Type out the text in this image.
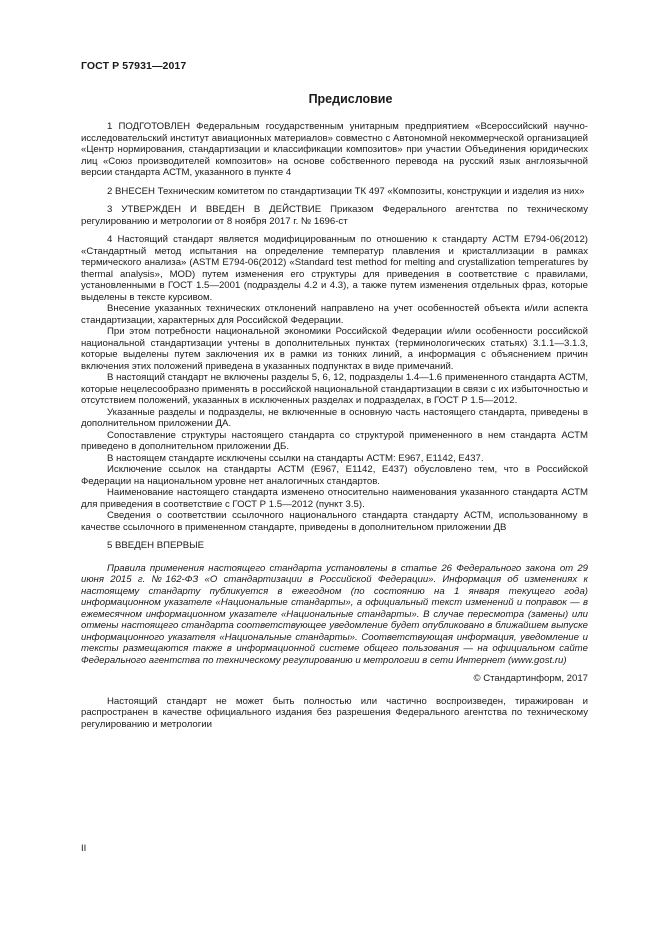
ГОСТ Р 57931—2017
Предисловие

1 ПОДГОТОВЛЕН Федеральным государственным унитарным предприятием «Всероссийский научно-исследовательский институт авиационных материалов» совместно с Автономной некоммерческой организацией «Центр нормирования, стандартизации и классификации композитов» при участии Объединения юридических лиц «Союз производителей композитов» на основе собственного перевода на русский язык англоязычной версии стандарта АСТМ, указанного в пункте 4

2 ВНЕСЕН Техническим комитетом по стандартизации ТК 497 «Композиты, конструкции и изделия из них»

3 УТВЕРЖДЕН И ВВЕДЕН В ДЕЙСТВИЕ Приказом Федерального агентства по техническому регулированию и метрологии от 8 ноября 2017 г. № 1696-ст

4 Настоящий стандарт является модифицированным по отношению к стандарту АСТМ Е794-06(2012) «Стандартный метод испытания на определение температур плавления и кристаллизации в рамках термического анализа» (ASTM E794-06(2012) «Standard test method for melting and crystallization temperatures by thermal analysis», MOD) путем изменения его структуры для приведения в соответствие с правилами, установленными в ГОСТ 1.5—2001 (подразделы 4.2 и 4.3), а также путем изменения отдельных фраз, которые выделены в тексте курсивом.

Внесение указанных технических отклонений направлено на учет особенностей объекта и/или аспекта стандартизации, характерных для Российской Федерации.

При этом потребности национальной экономики Российской Федерации и/или особенности российской национальной стандартизации учтены в дополнительных пунктах (терминологических статьях) 3.1.1—3.1.3, которые выделены путем заключения их в рамки из тонких линий, а информация с объяснением причин включения этих положений приведена в указанных подпунктах в виде примечаний.

В настоящий стандарт не включены разделы 5, 6, 12, подразделы 1.4—1.6 примененного стандарта АСТМ, которые нецелесообразно применять в российской национальной стандартизации в связи с их избыточностью и отсутствием положений, указанных в исключенных разделах и подразделах, в ГОСТ Р 1.5—2012.

Указанные разделы и подразделы, не включенные в основную часть настоящего стандарта, приведены в дополнительном приложении ДА.

Сопоставление структуры настоящего стандарта со структурой примененного в нем стандарта АСТМ приведено в дополнительном приложении ДБ.

В настоящем стандарте исключены ссылки на стандарты АСТМ: Е967, Е1142, Е437.

Исключение ссылок на стандарты АСТМ (Е967, Е1142, Е437) обусловлено тем, что в Российской Федерации на национальном уровне нет аналогичных стандартов.

Наименование настоящего стандарта изменено относительно наименования указанного стандарта АСТМ для приведения в соответствие с ГОСТ Р 1.5—2012 (пункт 3.5).

Сведения о соответствии ссылочного национального стандарта стандарту АСТМ, использованному в качестве ссылочного в примененном стандарте, приведены в дополнительном приложении ДВ

5 ВВЕДЕН ВПЕРВЫЕ

Правила применения настоящего стандарта установлены в статье 26 Федерального закона от 29 июня 2015 г. №162-ФЗ «О стандартизации в Российской Федерации». Информация об изменениях к настоящему стандарту публикуется в ежегодном (по состоянию на 1 января текущего года) информационном указателе «Национальные стандарты», а официальный текст изменений и поправок — в ежемесячном информационном указателе «Национальные стандарты». В случае пересмотра (замены) или отмены настоящего стандарта соответствующее уведомление будет опубликовано в ближайшем выпуске информационного указателя «Национальные стандарты». Соответствующая информация, уведомление и тексты размещаются также в информационной системе общего пользования — на официальном сайте Федерального агентства по техническому регулированию и метрологии в сети Интернет (www.gost.ru)

© Стандартинформ, 2017

Настоящий стандарт не может быть полностью или частично воспроизведен, тиражирован и распространен в качестве официального издания без разрешения Федерального агентства по техническому регулированию и метрологии

II
